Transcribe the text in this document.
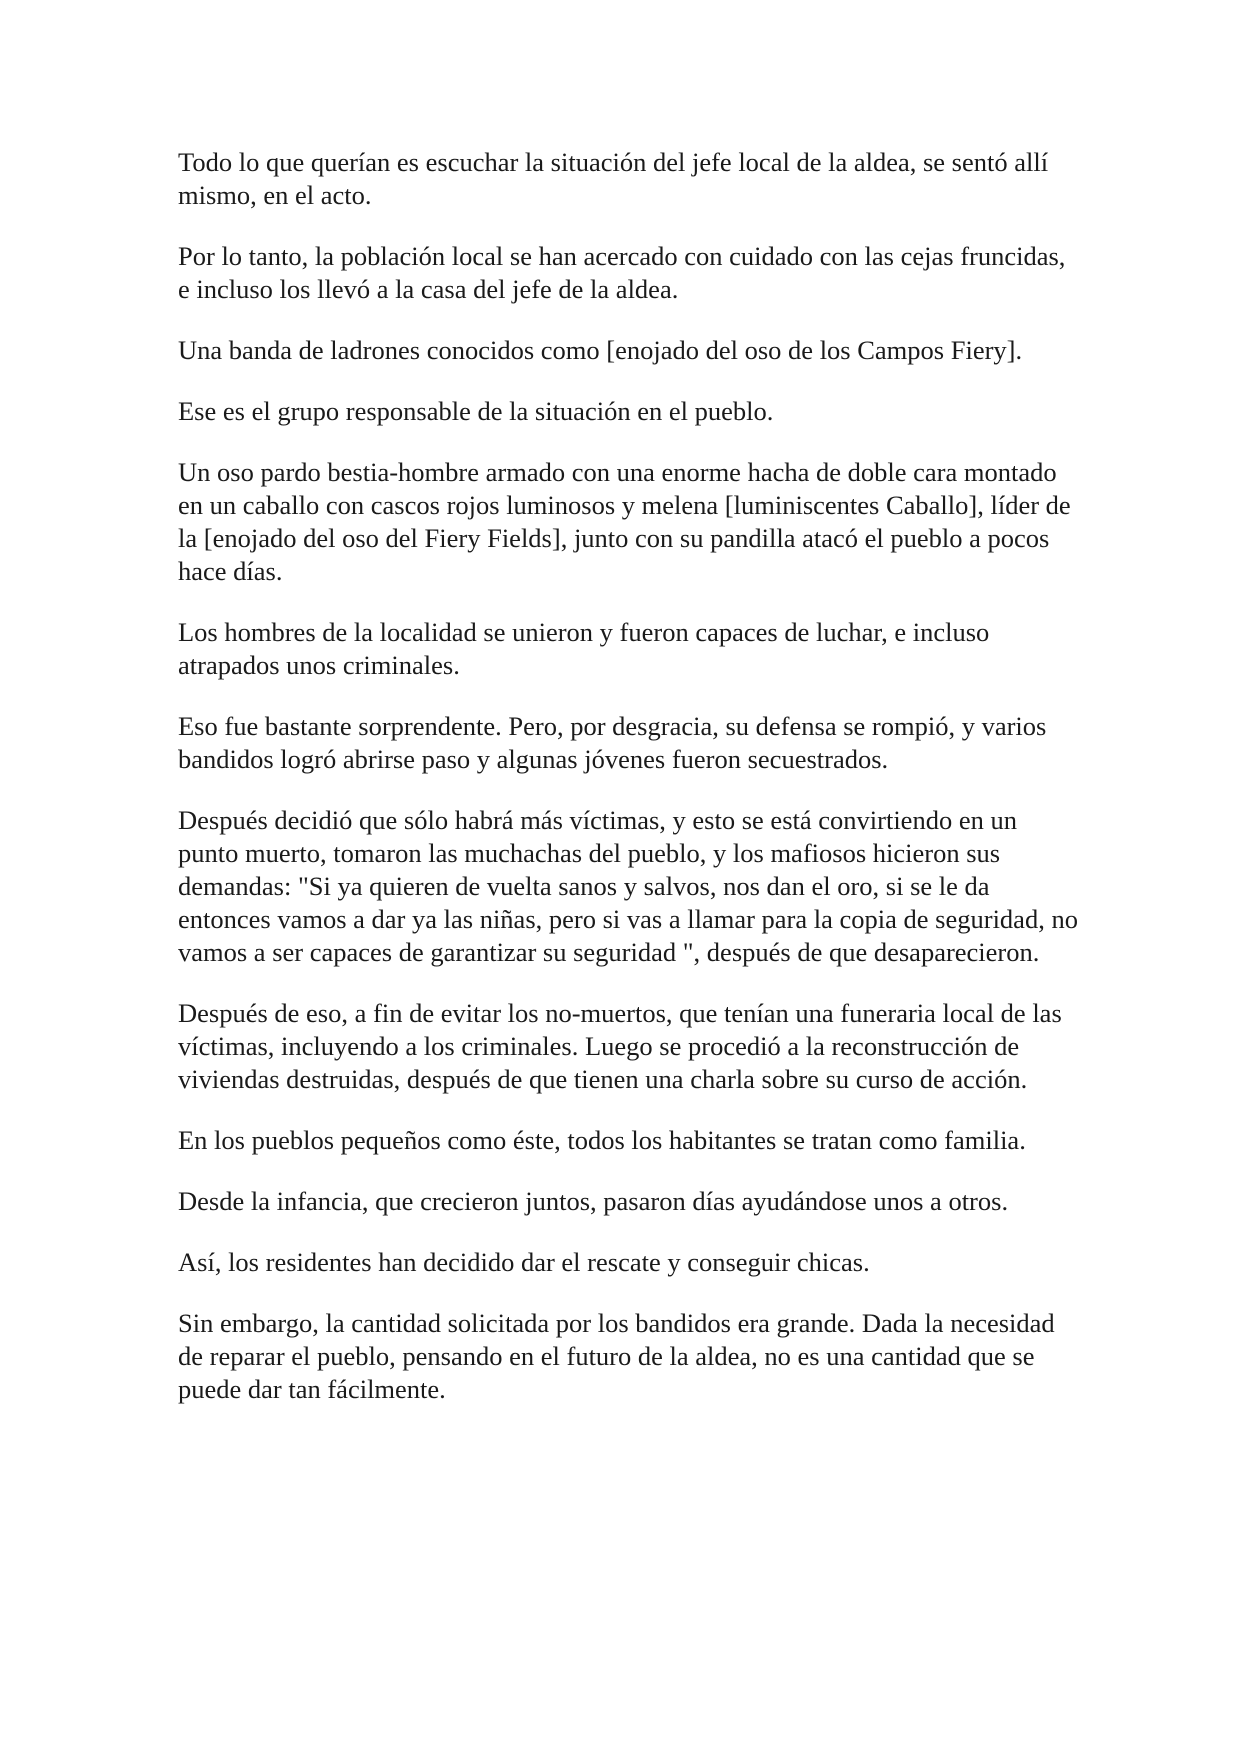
Todo lo que querían es escuchar la situación del jefe local de la aldea, se sentó allí mismo, en el acto.

Por lo tanto, la población local se han acercado con cuidado con las cejas fruncidas, e incluso los llevó a la casa del jefe de la aldea.

Una banda de ladrones conocidos como [enojado del oso de los Campos Fiery].

Ese es el grupo responsable de la situación en el pueblo.

Un oso pardo bestia-hombre armado con una enorme hacha de doble cara montado en un caballo con cascos rojos luminosos y melena [luminiscentes Caballo], líder de la [enojado del oso del Fiery Fields], junto con su pandilla atacó el pueblo a pocos hace días.

Los hombres de la localidad se unieron y fueron capaces de luchar, e incluso atrapados unos criminales.

Eso fue bastante sorprendente. Pero, por desgracia, su defensa se rompió, y varios bandidos logró abrirse paso y algunas jóvenes fueron secuestrados.

Después decidió que sólo habrá más víctimas, y esto se está convirtiendo en un punto muerto, tomaron las muchachas del pueblo, y los mafiosos hicieron sus demandas: "Si ya quieren de vuelta sanos y salvos, nos dan el oro, si se le da entonces vamos a dar ya las niñas, pero si vas a llamar para la copia de seguridad, no vamos a ser capaces de garantizar su seguridad ", después de que desaparecieron.

Después de eso, a fin de evitar los no-muertos, que tenían una funeraria local de las víctimas, incluyendo a los criminales. Luego se procedió a la reconstrucción de viviendas destruidas, después de que tienen una charla sobre su curso de acción.

En los pueblos pequeños como éste, todos los habitantes se tratan como familia.

Desde la infancia, que crecieron juntos, pasaron días ayudándose unos a otros.

Así, los residentes han decidido dar el rescate y conseguir chicas.

Sin embargo, la cantidad solicitada por los bandidos era grande. Dada la necesidad de reparar el pueblo, pensando en el futuro de la aldea, no es una cantidad que se puede dar tan fácilmente.
